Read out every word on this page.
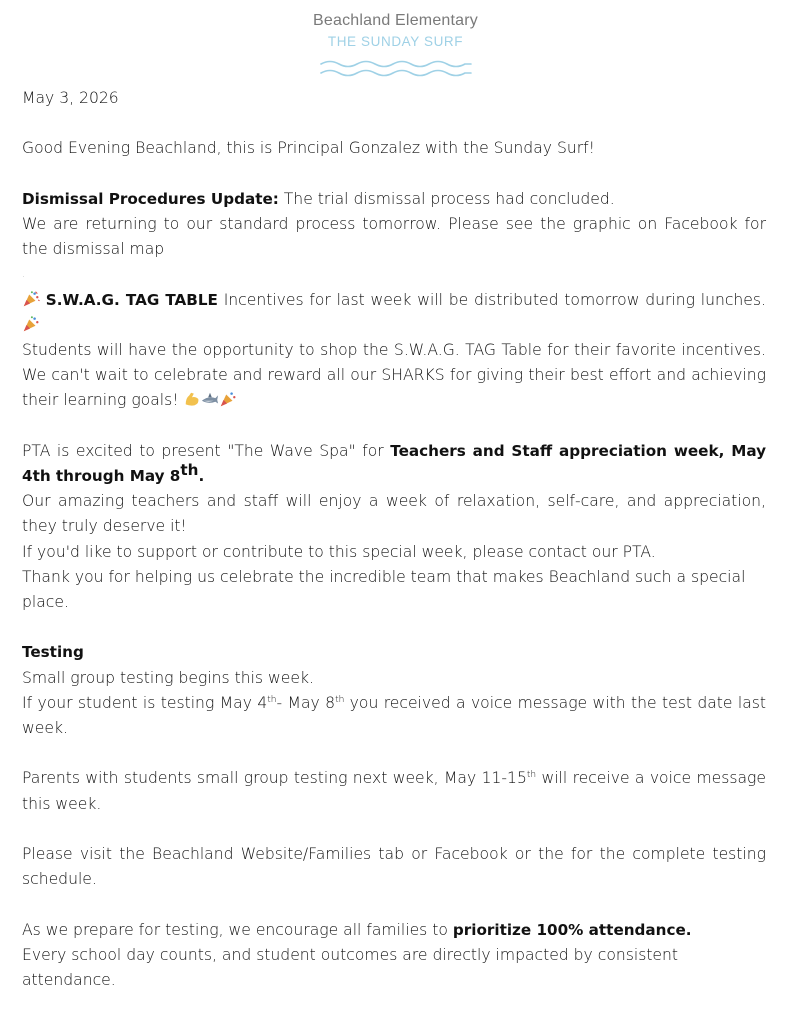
Beachland Elementary
THE SUNDAY SURF

May 3, 2026

Good Evening Beachland, this is Principal Gonzalez with the Sunday Surf!

Dismissal Procedures Update: The trial dismissal process had concluded.

We are returning to our standard process tomorrow. Please see the graphic on Facebook for the dismissal map

.

S.W.A.G. TAG TABLE Incentives for last week will be distributed tomorrow during lunches.

Students will have the opportunity to shop the S.W.A.G. TAG Table for their favorite incentives. We can't wait to celebrate and reward all our SHARKS for giving their best effort and achieving their learning goals!

PTA is excited to present "The Wave Spa" for Teachers and Staff appreciation week, May 4th through May 8th.

Our amazing teachers and staff will enjoy a week of relaxation, self-care, and appreciation, they truly deserve it!

If you'd like to support or contribute to this special week, please contact our PTA.

Thank you for helping us celebrate the incredible team that makes Beachland such a special place.

Testing

Small group testing begins this week.

If your student is testing May 4th- May 8th you received a voice message with the test date last week.

Parents with students small group testing next week, May 11-15th will receive a voice message this week.

Please visit the Beachland Website/Families tab or Facebook or the for the complete testing schedule.

As we prepare for testing, we encourage all families to prioritize 100% attendance.

Every school day counts, and student outcomes are directly impacted by consistent attendance.
